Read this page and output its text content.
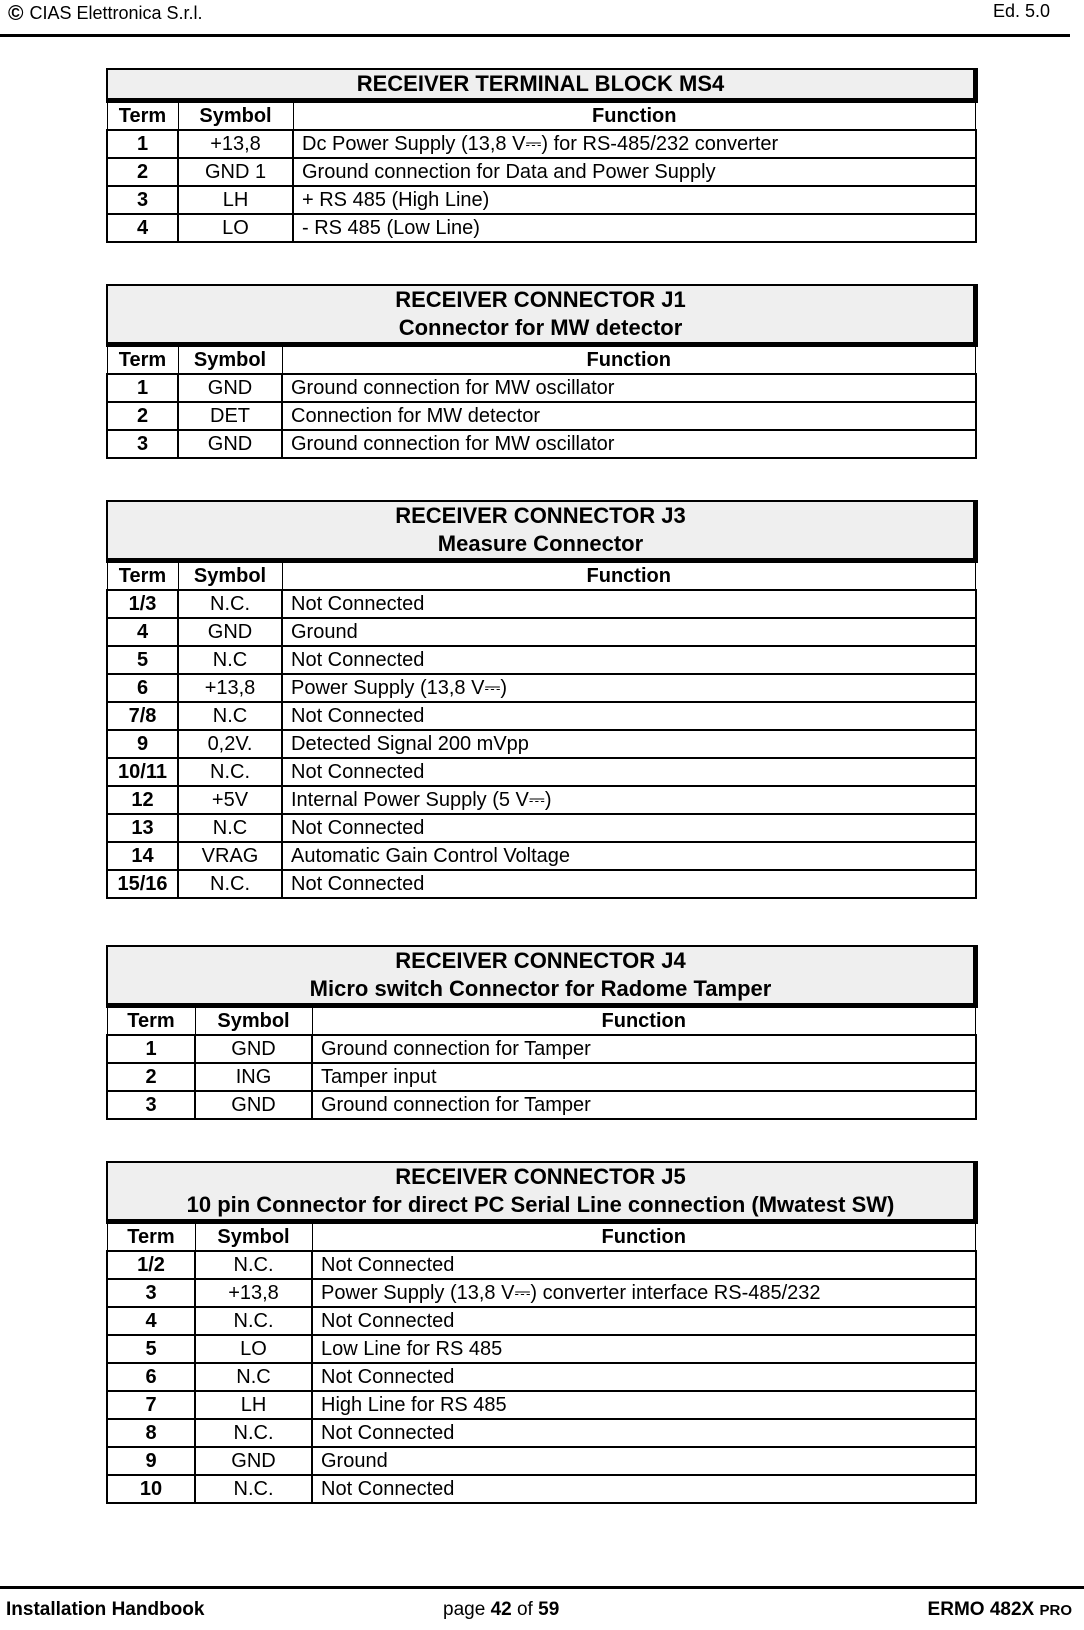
© CIAS Elettronica S.r.l.	Ed. 5.0
RECEIVER TERMINAL BLOCK MS4		
Term	Symbol	Function
1	+13,8	Dc Power Supply (13,8 V⎓) for RS-485/232 converter
2	GND 1	Ground connection for Data and Power Supply
3	LH	+ RS 485 (High Line)
4	LO	- RS 485 (Low Line)
RECEIVER CONNECTOR J1
Connector for MW detector		
Term	Symbol	Function
1	GND	Ground connection for MW oscillator
2	DET	Connection for MW detector
3	GND	Ground connection for MW oscillator
RECEIVER CONNECTOR J3
Measure Connector		
Term	Symbol	Function
1/3	N.C.	Not Connected
4	GND	Ground
5	N.C	Not Connected
6	+13,8	Power Supply (13,8 V⎓)
7/8	N.C	Not Connected
9	0,2V.	Detected Signal 200 mVpp
10/11	N.C.	Not Connected
12	+5V	Internal Power Supply (5 V⎓)
13	N.C	Not Connected
14	VRAG	Automatic Gain Control Voltage
15/16	N.C.	Not Connected
RECEIVER CONNECTOR J4
Micro switch Connector for Radome Tamper		
Term	Symbol	Function
1	GND	Ground connection for Tamper
2	ING	Tamper input
3	GND	Ground connection for Tamper
RECEIVER CONNECTOR J5
10 pin Connector for direct PC Serial Line connection (Mwatest SW)		
Term	Symbol	Function
1/2	N.C.	Not Connected
3	+13,8	Power Supply (13,8 V⎓) converter interface RS-485/232
4	N.C.	Not Connected
5	LO	Low Line for RS 485
6	N.C	Not Connected
7	LH	High Line for RS 485
8	N.C.	Not Connected
9	GND	Ground
10	N.C.	Not Connected
Installation Handbook	page 42 of 59	ERMO 482X PRO
